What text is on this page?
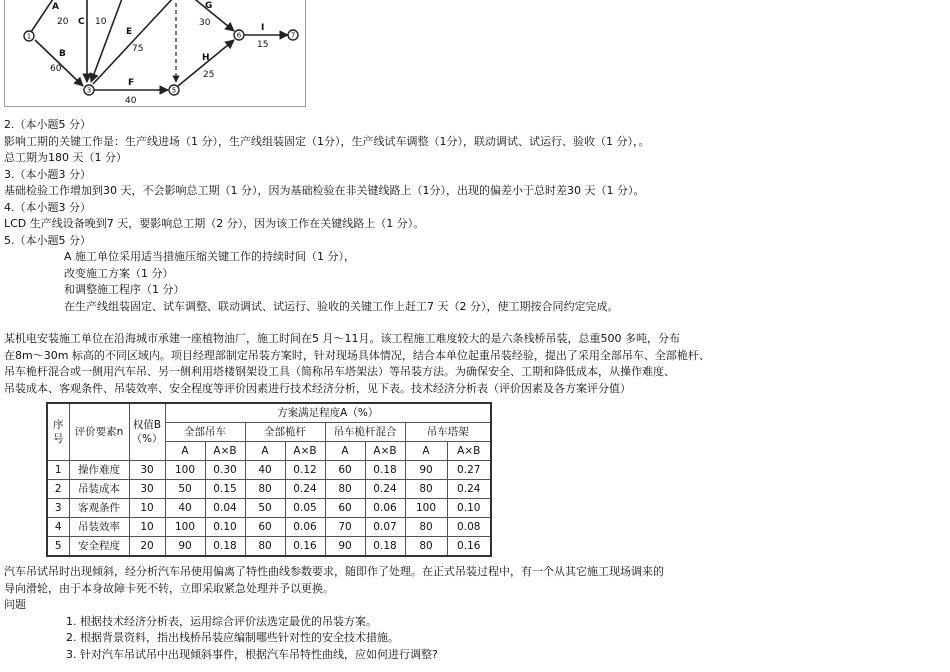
1
3	5
6	7
A
20 C 10
B
60
E
75
F
40
G
30
H
25
I
15
2.（本小题5 分）
影响工期的关键工作是：生产线进场（1 分），生产线组装固定（1分），生产线试车调整（1分），联动调试、试运行、验收（1 分），。
总工期为180 天（1 分）
3.（本小题3 分）
基础检验工作增加到30 天，不会影响总工期（1 分），因为基础检验在非关键线路上（1分），出现的偏差小于总时差30 天（1 分）。
4.（本小题3 分）
LCD 生产线设备晚到7 天，要影响总工期（2 分），因为该工作在关键线路上（1 分）。
5.（本小题5 分）
A 施工单位采用适当措施压缩关键工作的持续时间（1 分），
改变施工方案（1 分）
和调整施工程序（1 分）
在生产线组装固定、试车调整、联动调试、试运行、验收的关键工作上赶工7 天（2 分），使工期按合同约定完成。
某机电安装施工单位在沿海城市承建一座植物油厂，施工时间在5 月～11月。该工程施工难度较大的是六条栈桥吊装，总重500 多吨，分布
在8m～30m 标高的不同区域内。项目经理部制定吊装方案时，针对现场具体情况，结合本单位起重吊装经验，提出了采用全部吊车、全部桅杆、
吊车桅杆混合或一侧用汽车吊、另一侧利用塔楼钢架设工具（简称吊车塔架法）等吊装方法。为确保安全、工期和降低成本，从操作难度、
吊装成本、客观条件、吊装效率、安全程度等评价因素进行技术经济分析，见下表。技术经济分析表（评价因素及各方案评分值）
序号	评价要素n	权值B（%）	方案满足程度A（%）							
			全部吊车		全部桅杆		吊车桅杆混合		吊车塔架	
			A	A×B	A	A×B	A	A×B	A	A×B
1	操作难度	30	100	0.30	40	0.12	60	0.18	90	0.27
2	吊装成本	30	50	0.15	80	0.24	80	0.24	80	0.24
3	客观条件	10	40	0.04	50	0.05	60	0.06	100	0.10
4	吊装效率	10	100	0.10	60	0.06	70	0.07	80	0.08
5	安全程度	20	90	0.18	80	0.16	90	0.18	80	0.16
汽车吊试吊时出现倾斜，经分析汽车吊使用偏离了特性曲线参数要求，随即作了处理。在正式吊装过程中，有一个从其它施工现场调来的
导向滑轮，由于本身故障卡死不转，立即采取紧急处理并予以更换。
问题
1. 根据技术经济分析表，运用综合评价法选定最优的吊装方案。
2. 根据背景资料，指出栈桥吊装应编制哪些针对性的安全技术措施。
3. 针对汽车吊试吊中出现倾斜事件，根据汽车吊特性曲线，应如何进行调整?
